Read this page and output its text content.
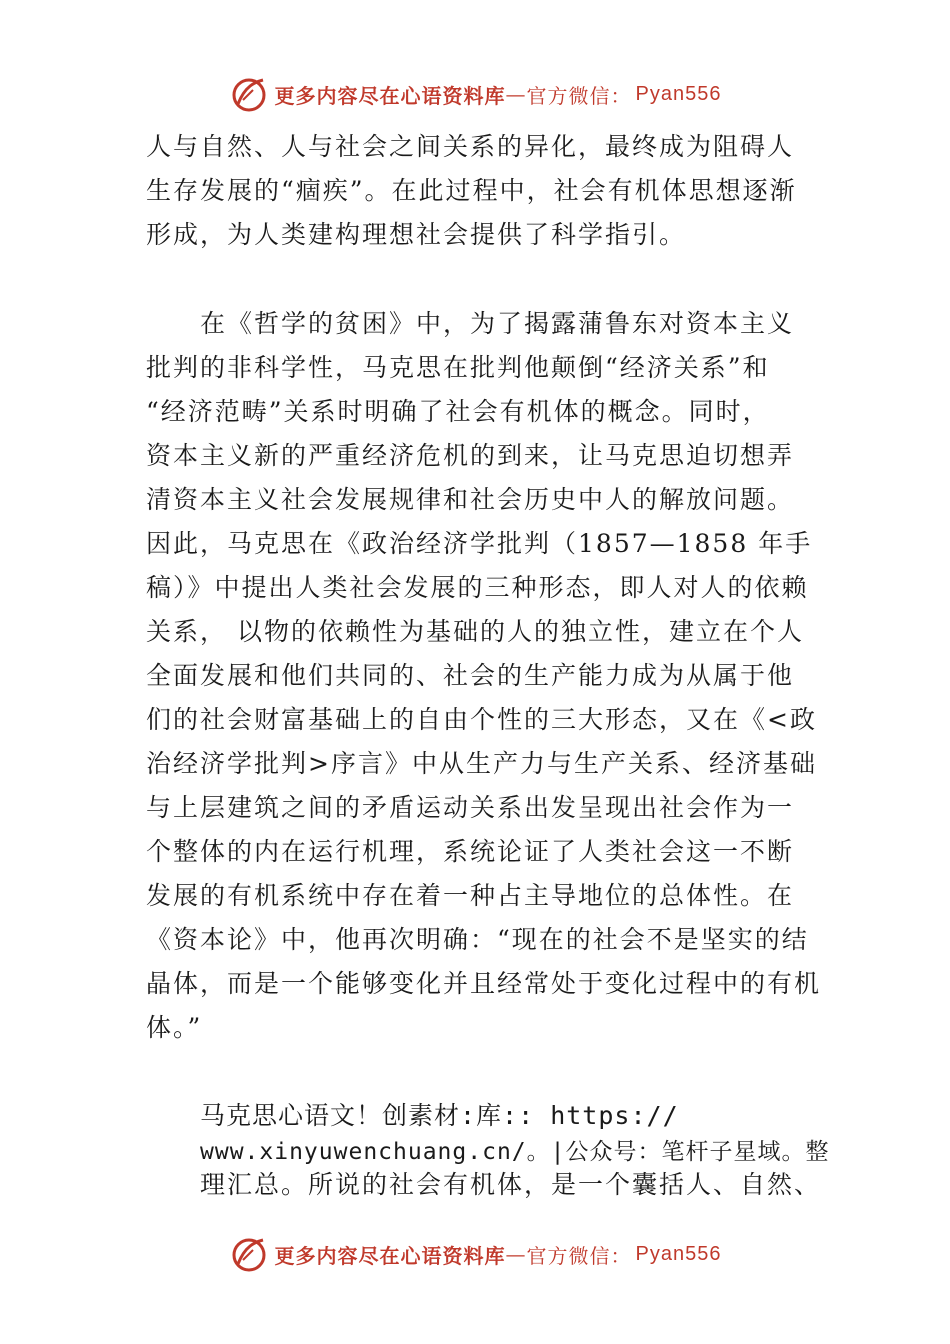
更多内容尽在心语资料库 — 官方微信： Pyan556
人与自然、人与社会之间关系的异化，最终成为阻碍人
生存发展的“痼疾”。在此过程中，社会有机体思想逐渐
形成，为人类建构理想社会提供了科学指引。
在《哲学的贫困》中，为了揭露蒲鲁东对资本主义
批判的非科学性，马克思在批判他颠倒“经济关系”和
“经济范畴”关系时明确了社会有机体的概念。同时，
资本主义新的严重经济危机的到来，让马克思迫切想弄
清资本主义社会发展规律和社会历史中人的解放问题。
因此，马克思在《政治经济学批判（1857—1858 年手
稿）》中提出人类社会发展的三种形态，即人对人的依赖
关系， 以物的依赖性为基础的人的独立性，建立在个人
全面发展和他们共同的、社会的生产能力成为从属于他
们的社会财富基础上的自由个性的三大形态，又在《<政
治经济学批判>序言》中从生产力与生产关系、经济基础
与上层建筑之间的矛盾运动关系出发呈现出社会作为一
个整体的内在运行机理，系统论证了人类社会这一不断
发展的有机系统中存在着一种占主导地位的总体性。在
《资本论》中，他再次明确：“现在的社会不是坚实的结
晶体，而是一个能够变化并且经常处于变化过程中的有机
体。”
马克思心语文！创素材:库:: https://
www.xinyuwenchuang.cn/。|公众号：笔杆子星域。整
理汇总。所说的社会有机体，是一个囊括人、自然、
更多内容尽在心语资料库 — 官方微信： Pyan556
